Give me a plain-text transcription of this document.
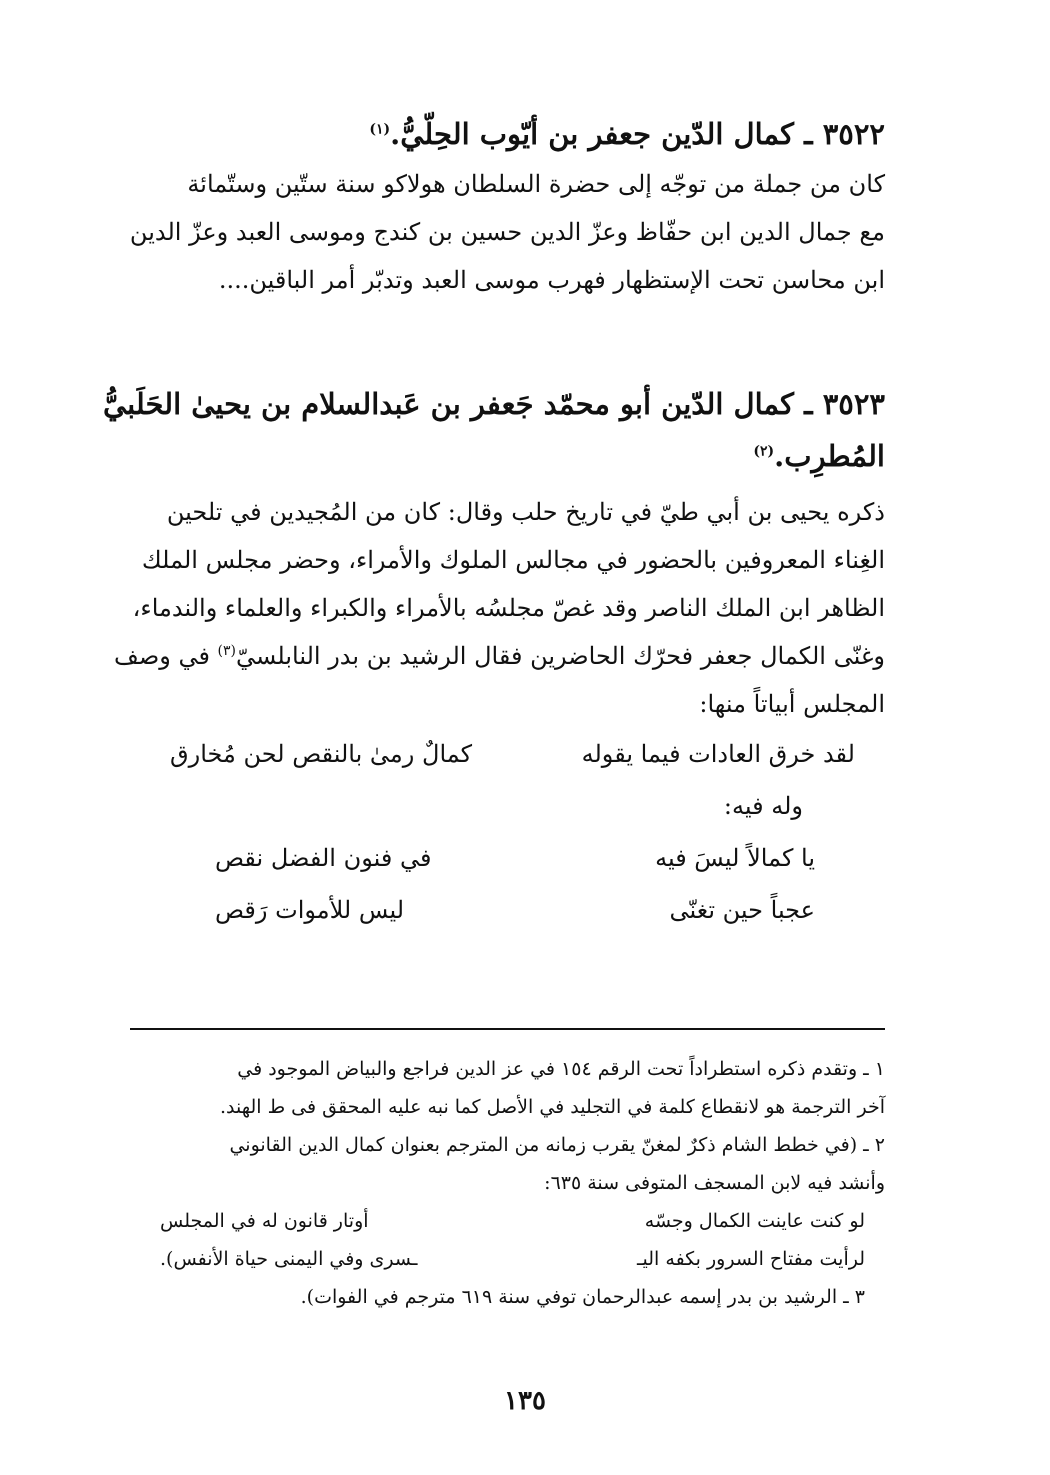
٣٥٢٢ ـ كمال الدّين جعفر بن أيّوب الحِلّيُّ.$^{(١)}$
كان من جملة من توجّه إلى حضرة السلطان هولاكو سنة ستّين وستّمائة
مع جمال الدين ابن حفّاظ وعزّ الدين حسين بن كندج وموسى العبد وعزّ الدين
ابن محاسن تحت الإستظهار فهرب موسى العبد وتدبّر أمر الباقين....
٣٥٢٣ ـ كمال الدّين أبو محمّد جَعفر بن عَبدالسلام بن يحيىٰ الحَلَبيُّ
المُطرِب.$^{(٢)}$
ذكره يحيى بن أبي طيّ في تاريخ حلب وقال: كان من المُجيدين في تلحين
الغِناء المعروفين بالحضور في مجالس الملوك والأمراء، وحضر مجلس الملك
الظاهر ابن الملك الناصر وقد غصّ مجلسُه بالأمراء والكبراء والعلماء والندماء،
وغنّى الكمال جعفر فحرّك الحاضرين فقال الرشيد بن بدر النابلسيّ$^{(٣)}$ في وصف
المجلس أبياتاً منها:
لقد خرق العادات فيما يقوله
كمالٌ رمىٰ بالنقص لحن مُخارق
وله فيه:
يا كمالاً ليسَ فيه
في فنون الفضل نقص
عجباً حين تغنّى
ليس للأموات رَقص
١ ـ وتقدم ذكره استطراداً تحت الرقم ١٥٤ في عز الدين فراجع والبياض الموجود في
آخر الترجمة هو لانقطاع كلمة في التجليد في الأصل كما نبه عليه المحقق فى ط الهند.
٢ ـ (في خطط الشام ذكرٌ لمغنّ يقرب زمانه من المترجم بعنوان كمال الدين القانوني
وأنشد فيه لابن المسجف المتوفى سنة ٦٣٥:
لو كنت عاينت الكمال وجسّه
أوتار قانون له في المجلس
لرأيت مفتاح السرور بكفه اليـ
ـسرى وفي اليمنى حياة الأنفس).
٣ ـ الرشيد بن بدر إسمه عبدالرحمان توفي سنة ٦١٩ مترجم في الفوات).
١٣٥
